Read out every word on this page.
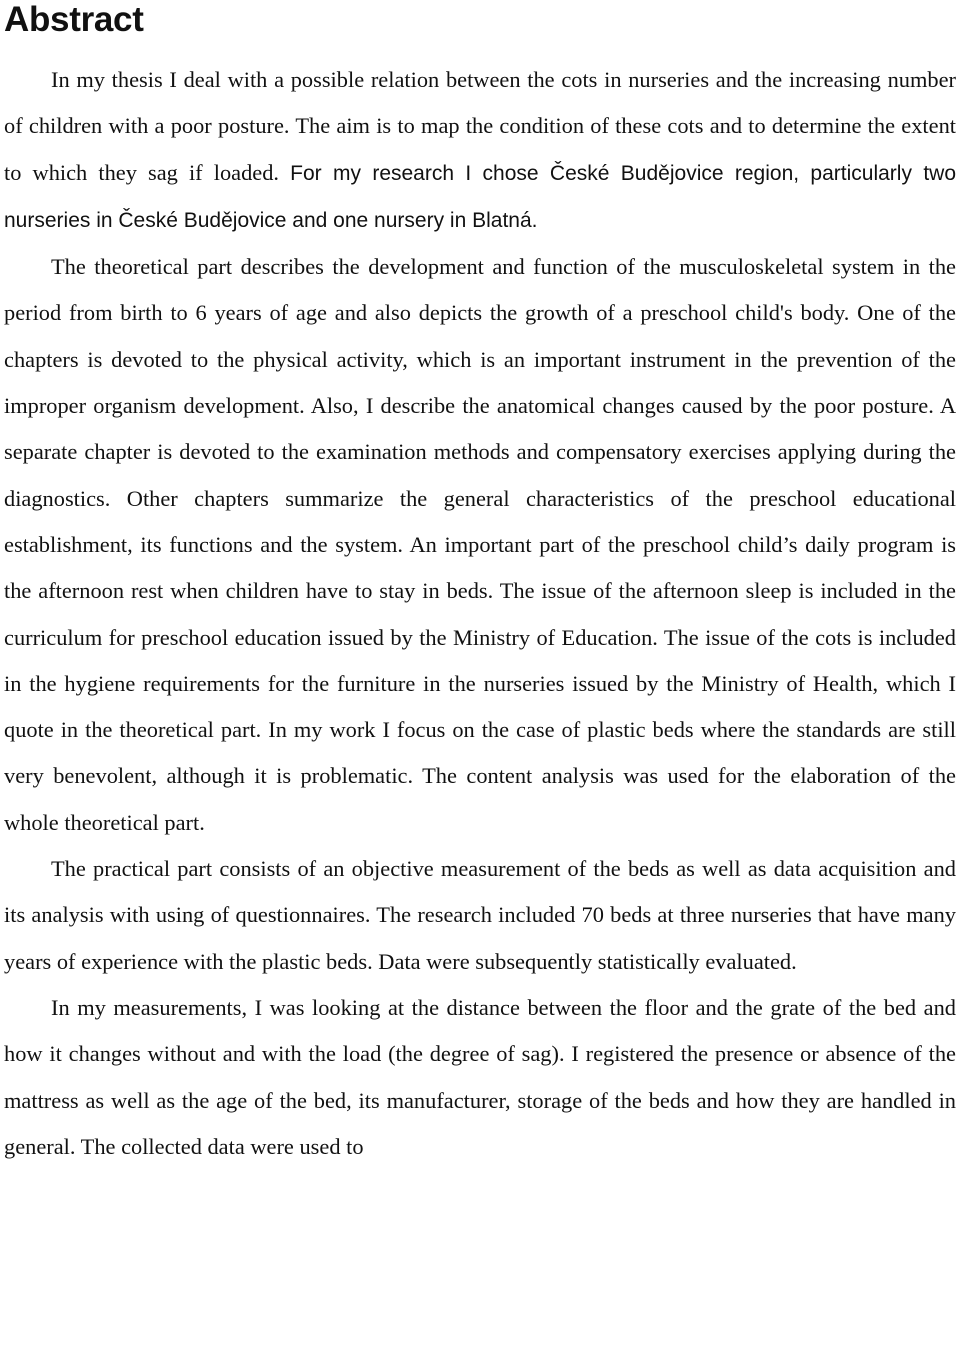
Abstract

In my thesis I deal with a possible relation between the cots in nurseries and the increasing number of children with a poor posture. The aim is to map the condition of these cots and to determine the extent to which they sag if loaded. For my research I chose České Budějovice region, particularly two nurseries in České Budějovice and one nursery in Blatná.

The theoretical part describes the development and function of the musculoskeletal system in the period from birth to 6 years of age and also depicts the growth of a preschool child's body. One of the chapters is devoted to the physical activity, which is an important instrument in the prevention of the improper organism development. Also, I describe the anatomical changes caused by the poor posture. A separate chapter is devoted to the examination methods and compensatory exercises applying during the diagnostics. Other chapters summarize the general characteristics of the preschool educational establishment, its functions and the system. An important part of the preschool child’s daily program is the afternoon rest when children have to stay in beds. The issue of the afternoon sleep is included in the curriculum for preschool education issued by the Ministry of Education. The issue of the cots is included in the hygiene requirements for the furniture in the nurseries issued by the Ministry of Health, which I quote in the theoretical part. In my work I focus on the case of plastic beds where the standards are still very benevolent, although it is problematic. The content analysis was used for the elaboration of the whole theoretical part.

The practical part consists of an objective measurement of the beds as well as data acquisition and its analysis with using of questionnaires. The research included 70 beds at three nurseries that have many years of experience with the plastic beds. Data were subsequently statistically evaluated.

In my measurements, I was looking at the distance between the floor and the grate of the bed and how it changes without and with the load (the degree of sag). I registered the presence or absence of the mattress as well as the age of the bed, its manufacturer, storage of the beds and how they are handled in general. The collected data were used to
